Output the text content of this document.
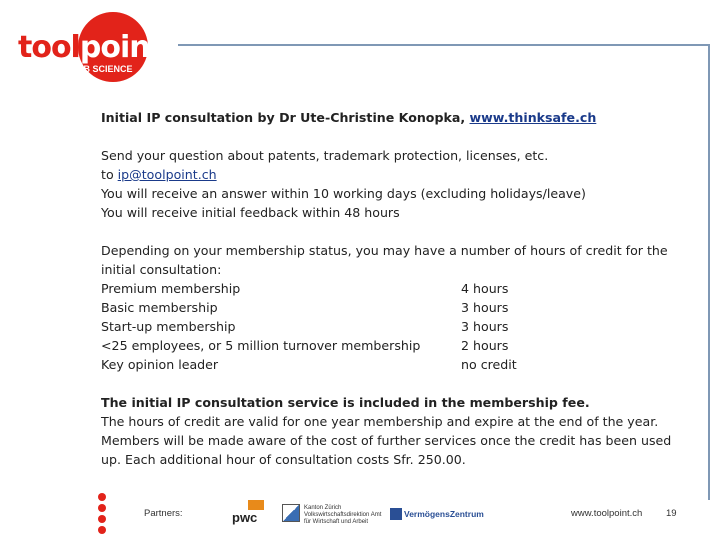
toolpoint
FOR LAB SCIENCE
Initial IP consultation by Dr Ute-Christine Konopka, www.thinksafe.ch
Send your question about patents, trademark protection, licenses, etc.
to ip@toolpoint.ch
You will receive an answer within 10 working days (excluding holidays/leave)
You will receive initial feedback within 48 hours
Depending on your membership status, you may have a number of hours of credit for the initial consultation:
Premium membership	4 hours
Basic membership	3 hours
Start-up membership	3 hours
<25 employees, or 5 million turnover membership	2 hours
Key opinion leader	no credit
The initial IP consultation service is included in the membership fee.
The hours of credit are valid for one year membership and expire at the end of the year. Members will be made aware of the cost of further services once the credit has been used up. Each additional hour of consultation costs Sfr. 250.00.
Partners:	pwc
Kanton Zürich Volkswirtschaftsdirektion Amt für Wirtschaft und Arbeit
VermögensZentrum	www.toolpoint.ch 19
